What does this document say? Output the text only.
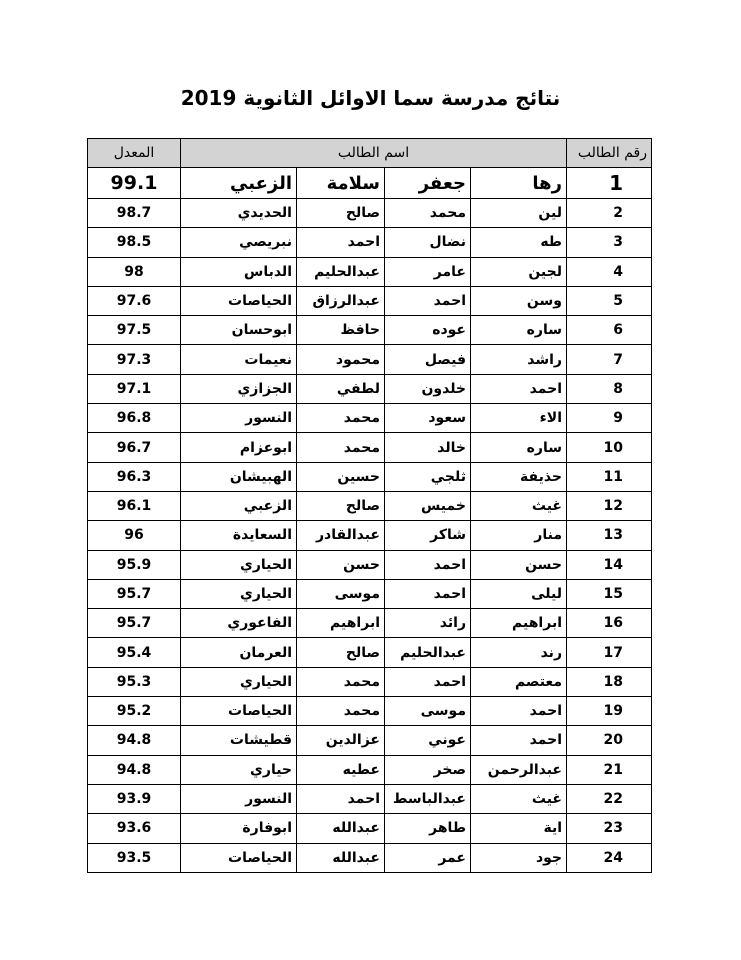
نتائج مدرسة سما الاوائل الثانوية 2019
رقم الطالب	اسم الطالب				المعدل
1	رها	جعفر	سلامة	الزعبي	99.1
2	لين	محمد	صالح	الحديدي	98.7
3	طه	نضال	احمد	نبريصي	98.5
4	لجين	عامر	عبدالحليم	الدباس	98
5	وسن	احمد	عبدالرزاق	الحياصات	97.6
6	ساره	عوده	حافظ	ابوحسان	97.5
7	راشد	فيصل	محمود	نعيمات	97.3
8	احمد	خلدون	لطفي	الجزازي	97.1
9	الاء	سعود	محمد	النسور	96.8
10	ساره	خالد	محمد	ابوعزام	96.7
11	حذيفة	ثلجي	حسين	الهبيشان	96.3
12	غيث	خميس	صالح	الزعبي	96.1
13	منار	شاكر	عبدالقادر	السعايدة	96
14	حسن	احمد	حسن	الحياري	95.9
15	ليلى	احمد	موسى	الحياري	95.7
16	ابراهيم	رائد	ابراهيم	الفاعوري	95.7
17	رند	عبدالحليم	صالح	العرمان	95.4
18	معتصم	احمد	محمد	الحياري	95.3
19	احمد	موسى	محمد	الحياصات	95.2
20	احمد	عوني	عزالدين	قطيشات	94.8
21	عبدالرحمن	صخر	عطيه	حياري	94.8
22	غيث	عبدالباسط	احمد	النسور	93.9
23	اية	طاهر	عبدالله	ابوفارة	93.6
24	جود	عمر	عبدالله	الحياصات	93.5
